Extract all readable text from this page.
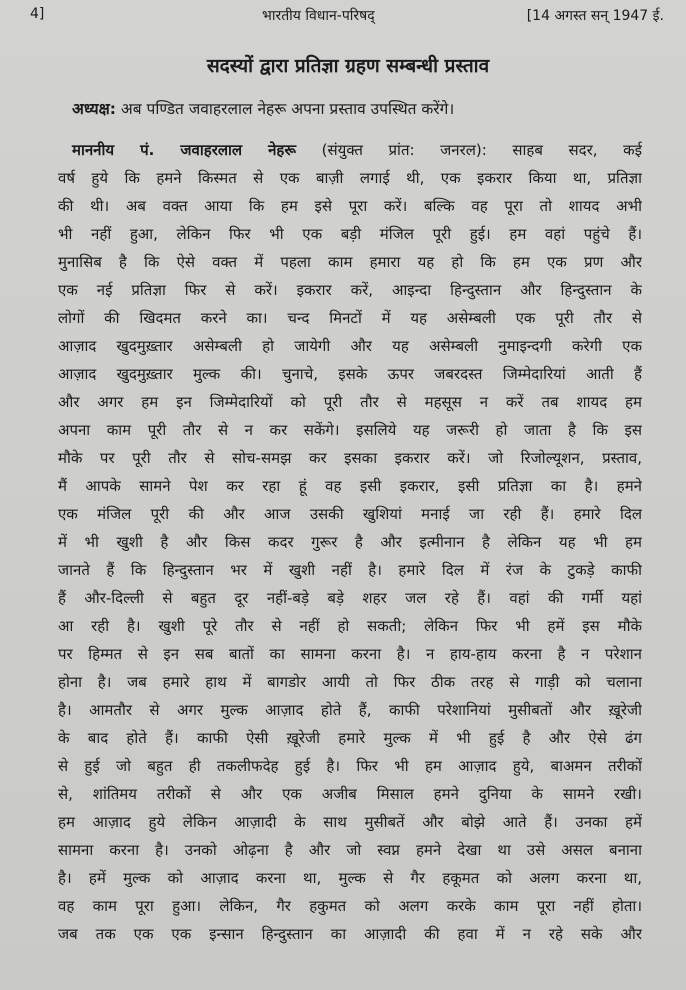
4]	भारतीय विधान-परिषद्	[14 अगस्त सन् 1947 ई.
सदस्यों द्वारा प्रतिज्ञा ग्रहण सम्बन्धी प्रस्ताव

अध्यक्ष: अब पण्डित जवाहरलाल नेहरू अपना प्रस्ताव उपस्थित करेंगे।

माननीय पं. जवाहरलाल नेहरू (संयुक्त प्रांत: जनरल): साहब सदर, कई
वर्ष हुये कि हमने किस्मत से एक बाज़ी लगाई थी, एक इकरार किया था, प्रतिज्ञा
की थी। अब वक्त आया कि हम इसे पूरा करें। बल्कि वह पूरा तो शायद अभी
भी नहीं हुआ, लेकिन फिर भी एक बड़ी मंजिल पूरी हुई। हम वहां पहुंचे हैं।
मुनासिब है कि ऐसे वक्त में पहला काम हमारा यह हो कि हम एक प्रण और
एक नई प्रतिज्ञा फिर से करें। इकरार करें, आइन्दा हिन्दुस्तान और हिन्दुस्तान के
लोगों की खिदमत करने का। चन्द मिनटों में यह असेम्बली एक पूरी तौर से
आज़ाद खुदमुख़्तार असेम्बली हो जायेगी और यह असेम्बली नुमाइन्दगी करेगी एक
आज़ाद खुदमुख़्तार मुल्क की। चुनाचे, इसके ऊपर जबरदस्त जिम्मेदारियां आती हैं
और अगर हम इन जिम्मेदारियों को पूरी तौर से महसूस न करें तब शायद हम
अपना काम पूरी तौर से न कर सकेंगे। इसलिये यह जरूरी हो जाता है कि इस
मौके पर पूरी तौर से सोच-समझ कर इसका इकरार करें। जो रिजोल्यूशन, प्रस्ताव,
मैं आपके सामने पेश कर रहा हूं वह इसी इकरार, इसी प्रतिज्ञा का है। हमने
एक मंजिल पूरी की और आज उसकी खुशियां मनाई जा रही हैं। हमारे दिल
में भी खुशी है और किस कदर गुरूर है और इत्मीनान है लेकिन यह भी हम
जानते हैं कि हिन्दुस्तान भर में खुशी नहीं है। हमारे दिल में रंज के टुकड़े काफी
हैं और-दिल्ली से बहुत दूर नहीं-बड़े बड़े शहर जल रहे हैं। वहां की गर्मी यहां
आ रही है। खुशी पूरे तौर से नहीं हो सकती; लेकिन फिर भी हमें इस मौके
पर हिम्मत से इन सब बातों का सामना करना है। न हाय-हाय करना है न परेशान
होना है। जब हमारे हाथ में बागडोर आयी तो फिर ठीक तरह से गाड़ी को चलाना
है। आमतौर से अगर मुल्क आज़ाद होते हैं, काफी परेशानियां मुसीबतों और ख़ूरेजी
के बाद होते हैं। काफी ऐसी ख़ूरेजी हमारे मुल्क में भी हुई है और ऐसे ढंग
से हुई जो बहुत ही तकलीफदेह हुई है। फिर भी हम आज़ाद हुये, बाअमन तरीकों
से, शांतिमय तरीकों से और एक अजीब मिसाल हमने दुनिया के सामने रखी।
हम आज़ाद हुये लेकिन आज़ादी के साथ मुसीबतें और बोझे आते हैं। उनका हमें
सामना करना है। उनको ओढ़ना है और जो स्वप्न हमने देखा था उसे असल बनाना
है। हमें मुल्क को आज़ाद करना था, मुल्क से गैर हकूमत को अलग करना था,
वह काम पूरा हुआ। लेकिन, गैर हकुमत को अलग करके काम पूरा नहीं होता।
जब तक एक एक इन्सान हिन्दुस्तान का आज़ादी की हवा में न रहे सके और
